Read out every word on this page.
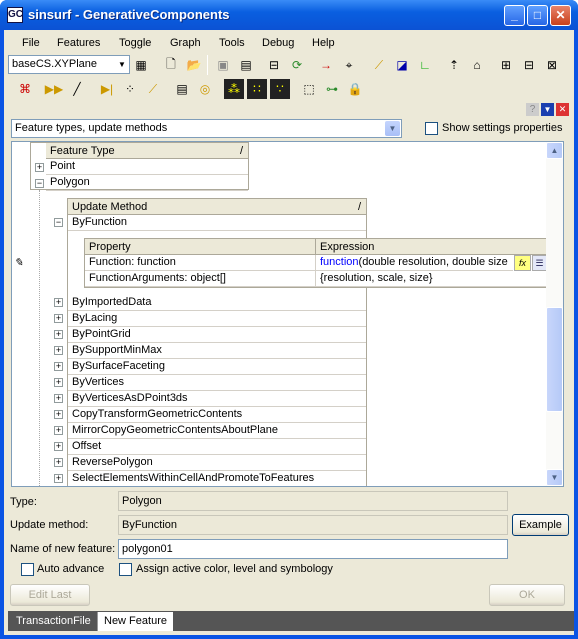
GC sinsurf - GenerativeComponents	_	□	✕
File Features Toggle Graph Tools Debug Help
baseCS.XYPlane	▼ ▦	🗋 📂	▣ ▤	⊟	⟳	→	⌖	⟋	◪ ∟	⇡	⌂	⊞	⊟	⊠
⌘	▶▶ ╱	▶| ⁘	⟋	▤	◎	⁂	∷	∵	⬚ ⊶ 🔒
?	▼ ✕
Feature types, update methods	▼	Show settings properties
Feature Type	/
+ Point
− Polygon
Update Method	/
ByFunction
ByImportedData
ByLacing
ByPointGrid
BySupportMinMax
BySurfaceFaceting
ByVertices
ByVerticesAsDPoint3ds
CopyTransformGeometricContents
MirrorCopyGeometricContentsAboutPlane
Offset
ReversePolygon
SelectElementsWithinCellAndPromoteToFeatures
−
+
+
+
+
+
+
+
+
+
+
+
+
Property	Expression
Function: function	function(double resolution, double size	fx	☰
FunctionArguments: object[]	{resolution, scale, size}
✎
▲
▼
Type:	Polygon
Update method:	ByFunction	Example
Name of new feature: polygon01
Auto advance	Assign active color, level and symbology
Edit Last	OK
TransactionFile	New Feature
